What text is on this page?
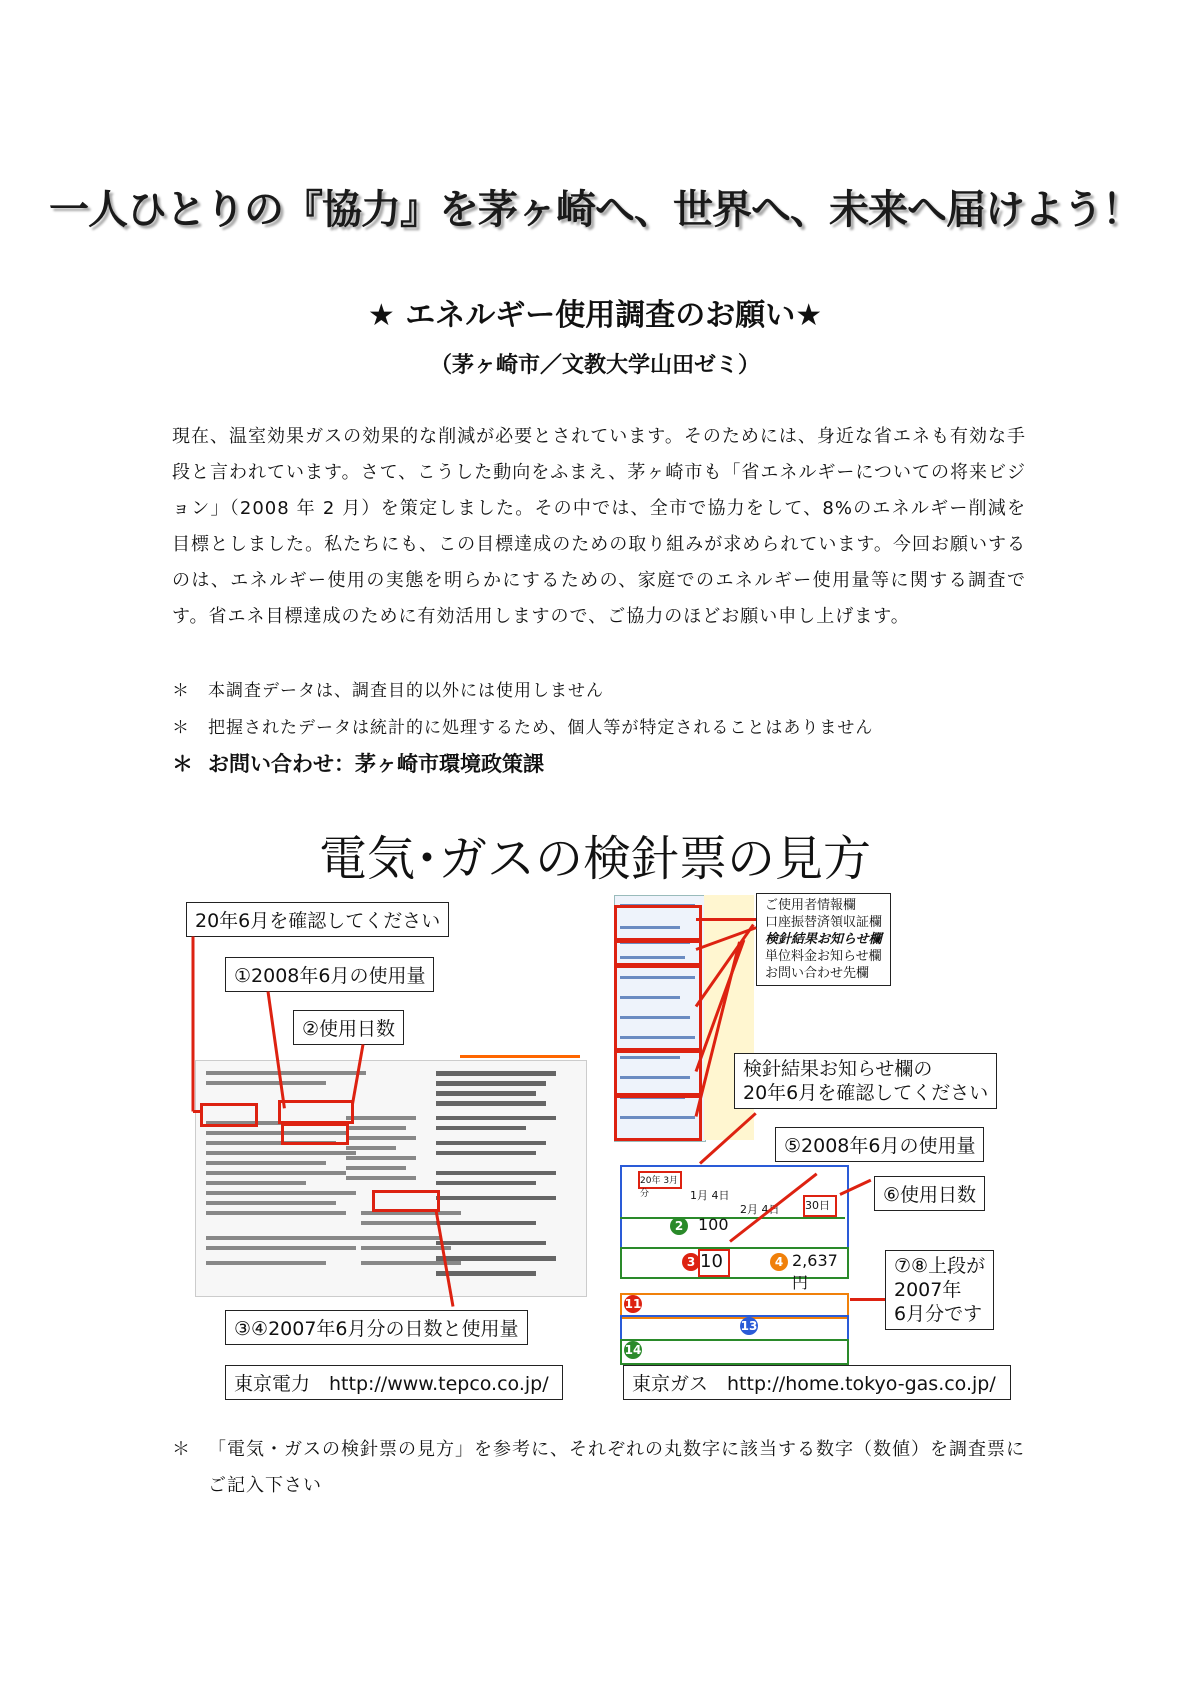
一人ひとりの『協力』を茅ヶ崎へ、世界へ、未来へ届けよう！
★ エネルギー使用調査のお願い★
（茅ヶ崎市／文教大学山田ゼミ）
現在、温室効果ガスの効果的な削減が必要とされています。そのためには、身近な省エネも有効な手段と言われています。さて、こうした動向をふまえ、茅ヶ崎市も「省エネルギーについての将来ビジョン」（2008 年 2 月）を策定しました。その中では、全市で協力をして、8%のエネルギー削減を目標としました。私たちにも、この目標達成のための取り組みが求められています。今回お願いするのは、エネルギー使用の実態を明らかにするための、家庭でのエネルギー使用量等に関する調査です。省エネ目標達成のために有効活用しますので、ご協力のほどお願い申し上げます。
＊ 本調査データは、調査目的以外には使用しません
＊ 把握されたデータは統計的に処理するため、個人等が特定されることはありません
＊ お問い合わせ：茅ヶ崎市環境政策課
電気･ガスの検針票の見方
20年6月を確認してください
①2008年6月の使用量
②使用日数
③④2007年6月分の日数と使用量
東京電力　http://www.tepco.co.jp/
ご使用者情報欄
口座振替済領収証欄
検針結果お知らせ欄
単位料金お知らせ欄
お問い合わせ先欄
検針結果お知らせ欄の
20年6月を確認してください
⑤2008年6月の使用量
⑥使用日数
⑦⑧上段が
2007年
6月分です
20年 3月分	1月 4日
2月 4日 30日
2 100
3 10	4 2,637円
11
13
14
東京ガス　http://home.tokyo-gas.co.jp/
＊ 「電気・ガスの検針票の見方」を参考に、それぞれの丸数字に該当する数字（数値）を調査票にご記入下さい
